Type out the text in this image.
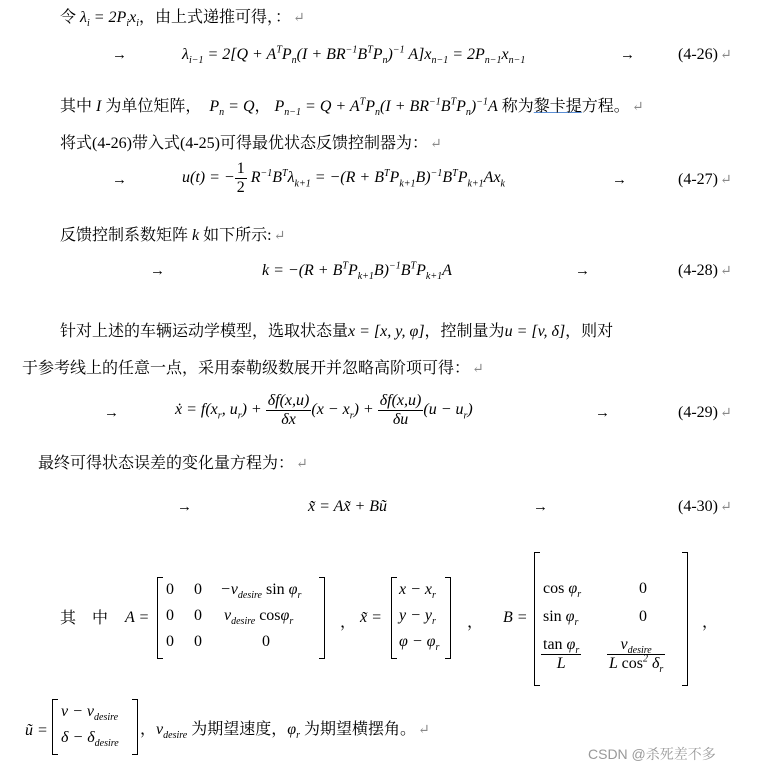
令 $\lambda_i = 2P_ix_i$，由上式递推可得，： ↵
→	$\lambda_{i-1} = 2[Q + A^TP_n(I + BR^{-1}B^TP_n)^{-1}$ $A]x_{n-1} = 2P_{n-1}x_{n-1}$	→	(4-26) ↵
其中 I 为单位矩阵， $P_n = Q$， $P_{n-1} = Q + A^TP_n(I + BR^{-1}B^TP_n)^{-1}A$ 称为黎卡提方程。 ↵
将式(4-26)带入式(4-25)可得最优状态反馈控制器为： ↵
→	u(t) = − $\frac{1}{2} R^{-1}B^T\lambda_{k+1} = -(R + B^TP_{k+1}B)^{-1}B^TP_{k+1}Ax_k$	→	(4-27) ↵
反馈控制系数矩阵 k 如下所示: ↵
→	$k = -(R + B^TP_{k+1}B)^{-1}B^TP_{k+1}A$	→	(4-28) ↵
针对上述的车辆运动学模型，选取状态量x = [x, y, φ]，控制量为u = [v, δ]，则对
于参考线上的任意一点，采用泰勒级数展开并忽略高阶项可得： ↵
→	ẋ = $f(x_r$, $u_r) + \frac{\delta f(x,u)}{\delta x} (x - x_r) + \frac{\delta f(x,u)}{\delta u} (u - u_r)$	→	(4-29) ↵
最终可得状态误差的变化量方程为： ↵
→	x̃̇ = Ax̃ + Bũ	→	(4-30) ↵
其 中 A =
0 $0 -v_{desire}$ $\sin \varphi_r$
0 0 $v_{desire}$ cosφ$_r$
0 0	0
， x̃ =
$x - x_r$
$y - y_r$
$\varphi - \varphi_r$
， B =
$\cos \varphi_r$	0
$\sin \varphi_r$	0
$\frac{\tan \varphi_r}{L} \frac{v_{desire}}{L \cos^2 \delta_r}$
，
ũ =
$v - v_{desire}$
$\delta - \delta_{desire}$
，$v_{desire}$ 为期望速度，$\varphi_r$ 为期望横摆角。 ↵
CSDN @杀死差不多
